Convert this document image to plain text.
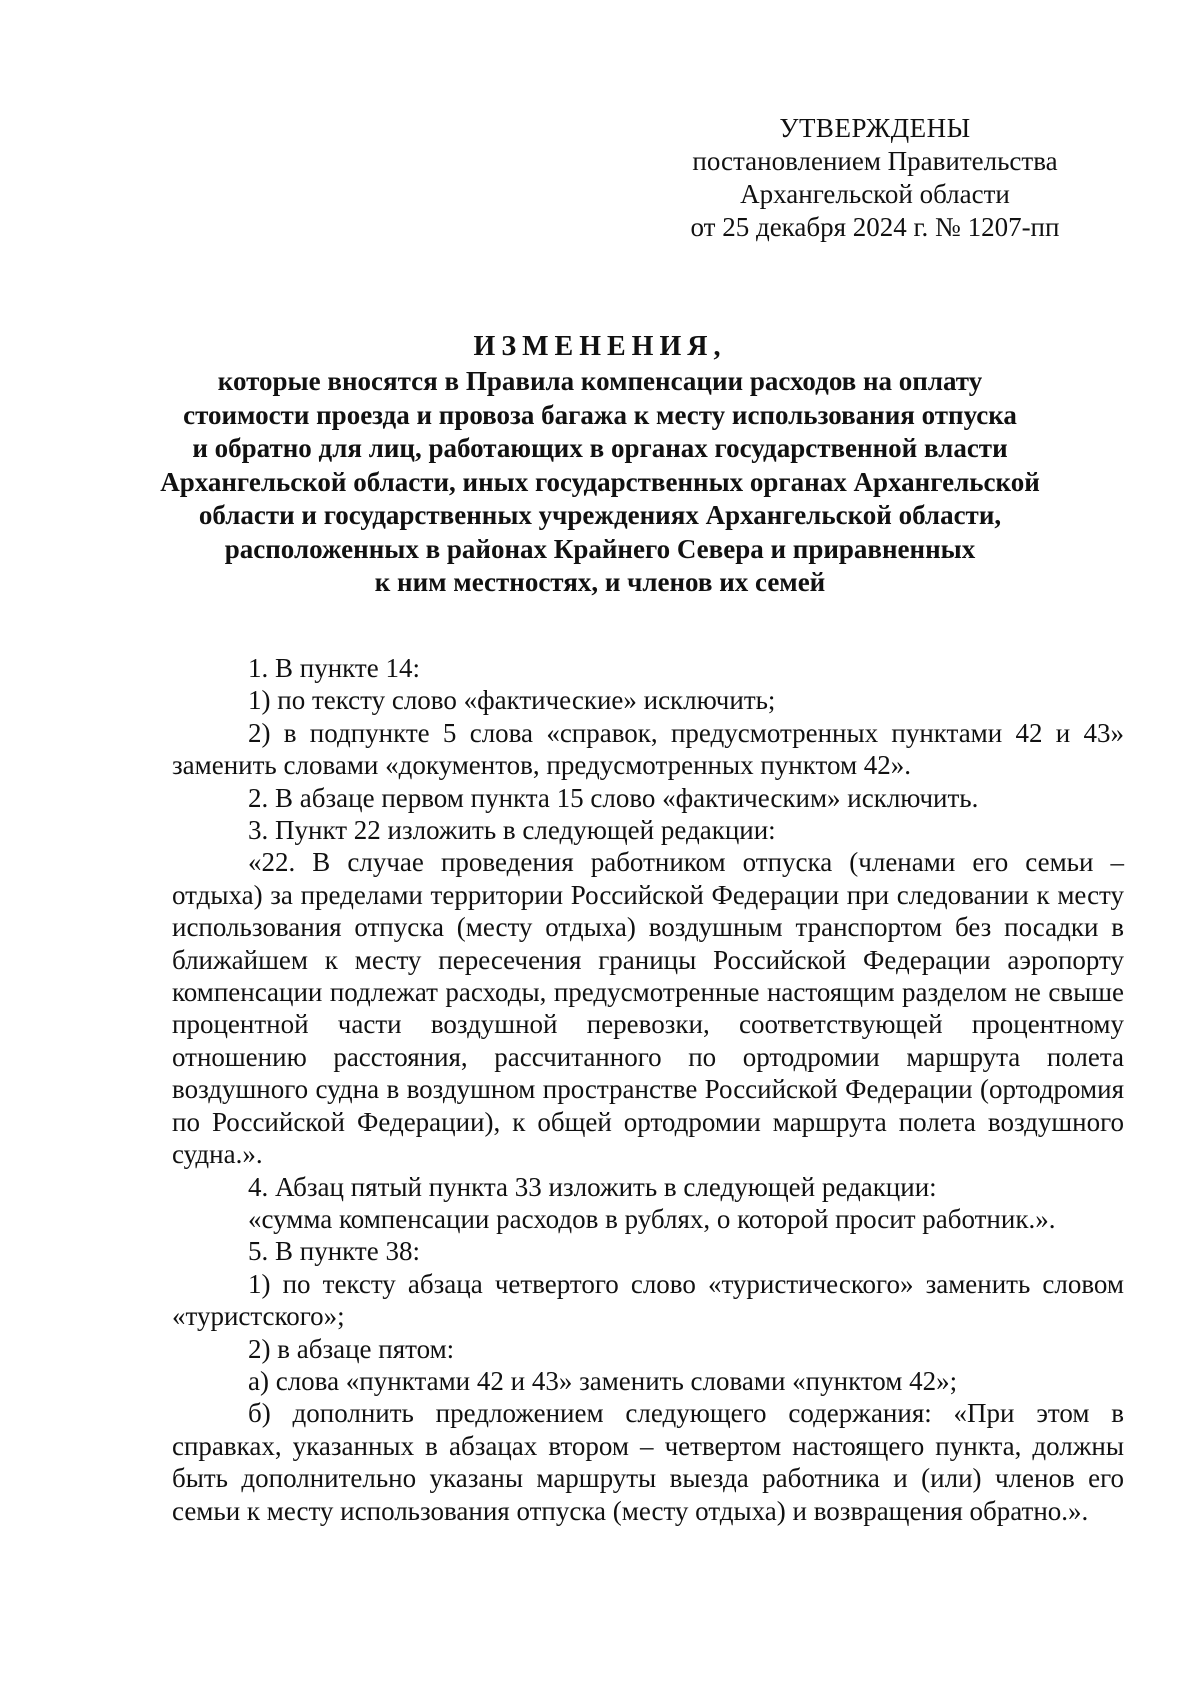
УТВЕРЖДЕНЫ
постановлением Правительства
Архангельской области
от 25 декабря 2024 г. № 1207-пп
ИЗМЕНЕНИЯ,
которые вносятся в Правила компенсации расходов на оплату
стоимости проезда и провоза багажа к месту использования отпуска
и обратно для лиц, работающих в органах государственной власти
Архангельской области, иных государственных органах Архангельской
области и государственных учреждениях Архангельской области,
расположенных в районах Крайнего Севера и приравненных
к ним местностях, и членов их семей

1. В пункте 14:

1) по тексту слово «фактические» исключить;

2) в подпункте 5 слова «справок, предусмотренных пунктами 42 и 43» заменить словами «документов, предусмотренных пунктом 42».

2. В абзаце первом пункта 15 слово «фактическим» исключить.

3. Пункт 22 изложить в следующей редакции:

«22. В случае проведения работником отпуска (членами его семьи – отдыха) за пределами территории Российской Федерации при следовании к месту использования отпуска (месту отдыха) воздушным транспортом без посадки в ближайшем к месту пересечения границы Российской Федерации аэропорту компенсации подлежат расходы, предусмотренные настоящим разделом не свыше процентной части воздушной перевозки, соответствующей процентному отношению расстояния, рассчитанного по ортодромии маршрута полета воздушного судна в воздушном пространстве Российской Федерации (ортодромия по Российской Федерации), к общей ортодромии маршрута полета воздушного судна.».

4. Абзац пятый пункта 33 изложить в следующей редакции:

«сумма компенсации расходов в рублях, о которой просит работник.».

5. В пункте 38:

1) по тексту абзаца четвертого слово «туристического» заменить словом «туристского»;

2) в абзаце пятом:

а) слова «пунктами 42 и 43» заменить словами «пунктом 42»;

б) дополнить предложением следующего содержания: «При этом в справках, указанных в абзацах втором – четвертом настоящего пункта, должны быть дополнительно указаны маршруты выезда работника и (или) членов его семьи к месту использования отпуска (месту отдыха) и возвращения обратно.».
